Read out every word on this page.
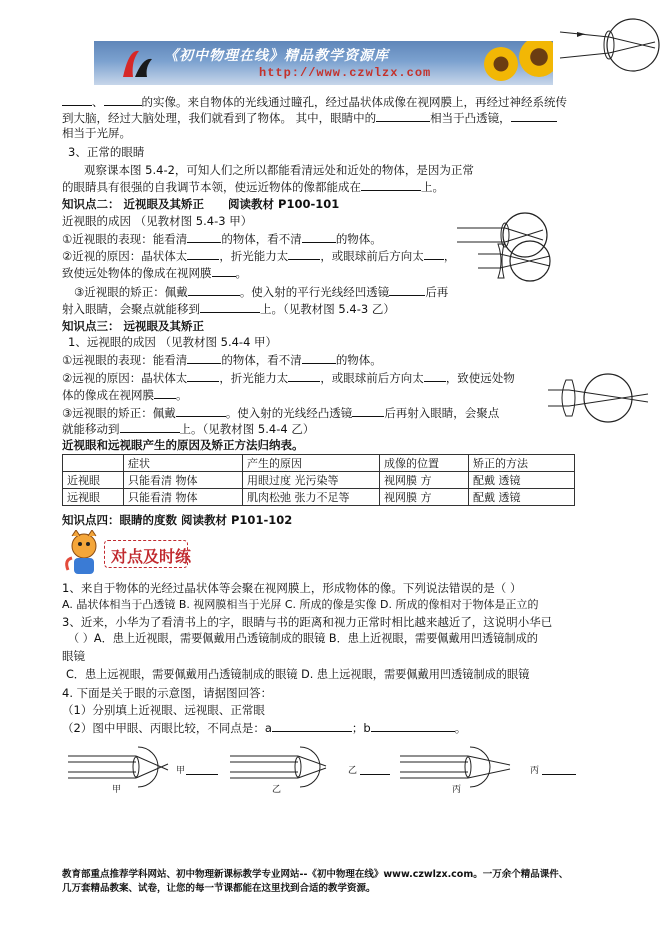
《初中物理在线》精品教学资源库
http://www.czwlzx.com
、	的实像。来自物体的光线通过瞳孔，经过晶状体成像在视网膜上，再经过神经系统传
到大脑，经过大脑处理，我们就看到了物体。 其中，眼睛中的	相当于凸透镜，
相当于光屏。
3、正常的眼睛
观察课本图 5.4-2，可知人们之所以都能看清远处和近处的物体，是因为正常
的眼睛具有很强的自我调节本领，使远近物体的像都能成在	上。
知识点二： 近视眼及其矫正 阅读教材 P100-101
近视眼的成因 （见教材图 5.4-3 甲）
①近视眼的表现：能看清	的物体，看不清	的物体。
②近视的原因：晶状体太	，折光能力太	，或眼球前后方向太 ，
致使远处物体的像成在视网膜 。
③近视眼的矫正：佩戴	。使入射的平行光线经凹透镜	后再
射入眼睛，会聚点就能移到	上。（见教材图 5.4-3 乙）
知识点三： 远视眼及其矫正
1、远视眼的成因 （见教材图 5.4-4 甲）
①远视眼的表现：能看清	的物体，看不清	的物体。
②远视的原因：晶状体太	，折光能力太	，或眼球前后方向太 ，致使远处物
体的像成在视网膜 。
③远视眼的矫正：佩戴	。使入射的光线经凸透镜	后再射入眼睛，会聚点
就能移动到	上。（见教材图 5.4-4 乙）
近视眼和远视眼产生的原因及矫正方法归纳表。
	症状	产生的原因	成像的位置	矫正的方法
近视眼	只能看清 物体	用眼过度 光污染等	视网膜 方	配戴 透镜
远视眼	只能看清 物体	肌肉松弛 张力不足等	视网膜 方	配戴 透镜
知识点四：眼睛的度数 阅读教材 P101-102
对点及时练
1、来自于物体的光经过晶状体等会聚在视网膜上，形成物体的像。下列说法错误的是（ ）
A. 晶状体相当于凸透镜 B. 视网膜相当于光屏 C. 所成的像是实像 D. 所成的像相对于物体是正立的
3、近来，小华为了看清书上的字，眼睛与书的距离和视力正常时相比越来越近了，这说明小华已
（ ）A．患上近视眼，需要佩戴用凸透镜制成的眼镜 B．患上近视眼，需要佩戴用凹透镜制成的
眼镜
C．患上远视眼，需要佩戴用凸透镜制成的眼镜 D. 患上远视眼，需要佩戴用凹透镜制成的眼镜
4. 下面是关于眼的示意图，请据图回答：
（1）分别填上近视眼、远视眼、正常眼
（2）图中甲眼、丙眼比较，不同点是：a	；b	。
甲
甲
乙
乙
丙
丙
教育部重点推荐学科网站、初中物理新课标教学专业网站--《初中物理在线》www.czwlzx.com。一万余个精品课件、
几万套精品教案、试卷，让您的每一节课都能在这里找到合适的教学资源。
